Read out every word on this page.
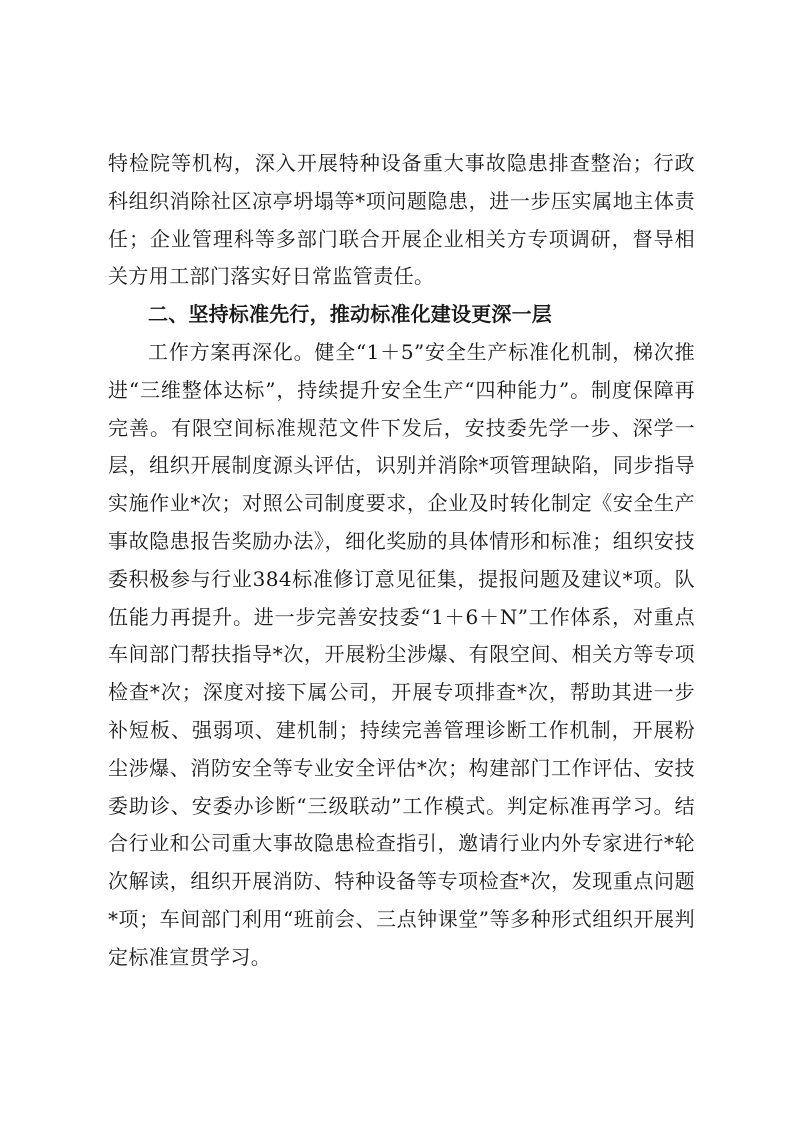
特检院等机构，深入开展特种设备重大事故隐患排查整治；行政科组织消除社区凉亭坍塌等*项问题隐患，进一步压实属地主体责任；企业管理科等多部门联合开展企业相关方专项调研，督导相关方用工部门落实好日常监管责任。

二、坚持标准先行，推动标准化建设更深一层

工作方案再深化。健全“1＋5”安全生产标准化机制，梯次推进“三维整体达标”，持续提升安全生产“四种能力”。制度保障再完善。有限空间标准规范文件下发后，安技委先学一步、深学一层，组织开展制度源头评估，识别并消除*项管理缺陷，同步指导实施作业*次；对照公司制度要求，企业及时转化制定《安全生产事故隐患报告奖励办法》，细化奖励的具体情形和标准；组织安技委积极参与行业384标准修订意见征集，提报问题及建议*项。队伍能力再提升。进一步完善安技委“1＋6＋N”工作体系，对重点车间部门帮扶指导*次，开展粉尘涉爆、有限空间、相关方等专项检查*次；深度对接下属公司，开展专项排查*次，帮助其进一步补短板、强弱项、建机制；持续完善管理诊断工作机制，开展粉尘涉爆、消防安全等专业安全评估*次；构建部门工作评估、安技委助诊、安委办诊断“三级联动”工作模式。判定标准再学习。结合行业和公司重大事故隐患检查指引，邀请行业内外专家进行*轮次解读，组织开展消防、特种设备等专项检查*次，发现重点问题*项；车间部门利用“班前会、三点钟课堂”等多种形式组织开展判定标准宣贯学习。
